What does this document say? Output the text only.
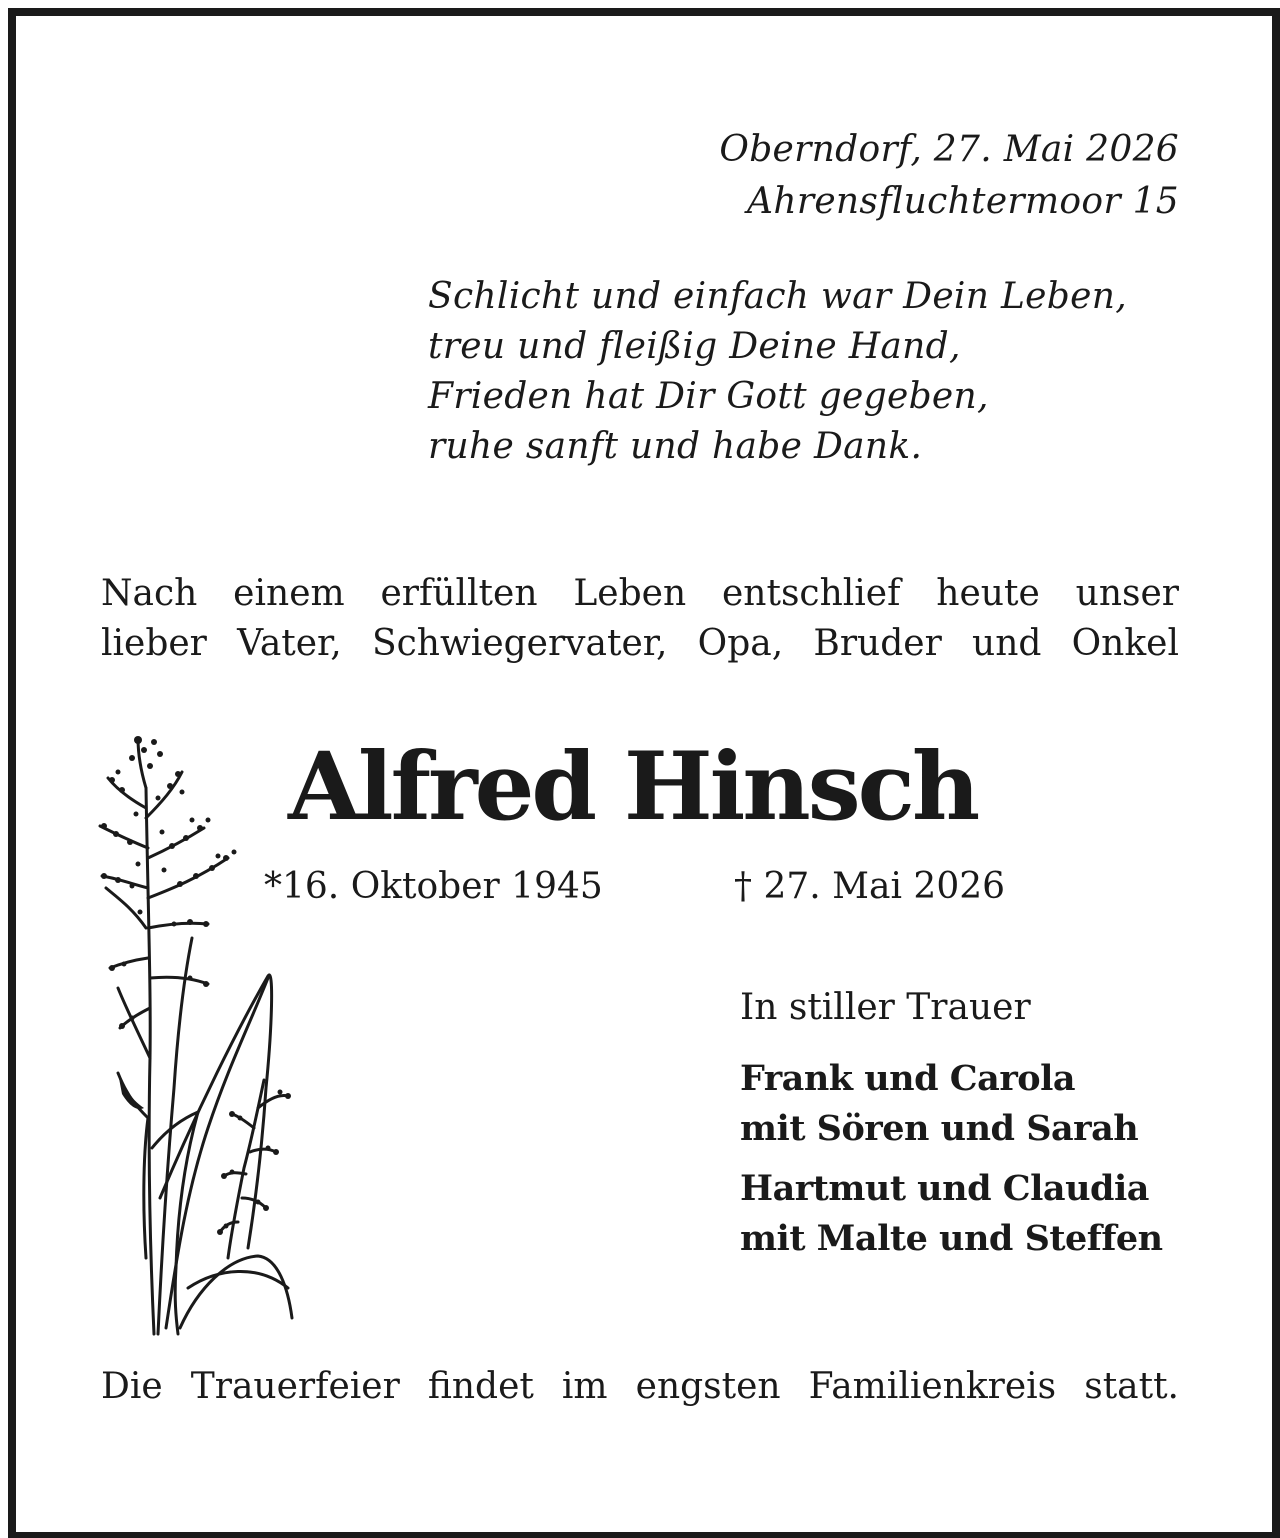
Oberndorf, 27. Mai 2026
Ahrensfluchtermoor 15
Schlicht und einfach war Dein Leben,
treu und fleißig Deine Hand,
Frieden hat Dir Gott gegeben,
ruhe sanft und habe Dank.
Nach einem erfüllten Leben entschlief heute unser
lieber Vater, Schwiegervater, Opa, Bruder und Onkel
Alfred Hinsch
*16. Oktober 1945	† 27. Mai 2026
In stiller Trauer
Frank und Carola
mit Sören und Sarah
Hartmut und Claudia
mit Malte und Steffen
Die Trauerfeier findet im engsten Familienkreis statt.
